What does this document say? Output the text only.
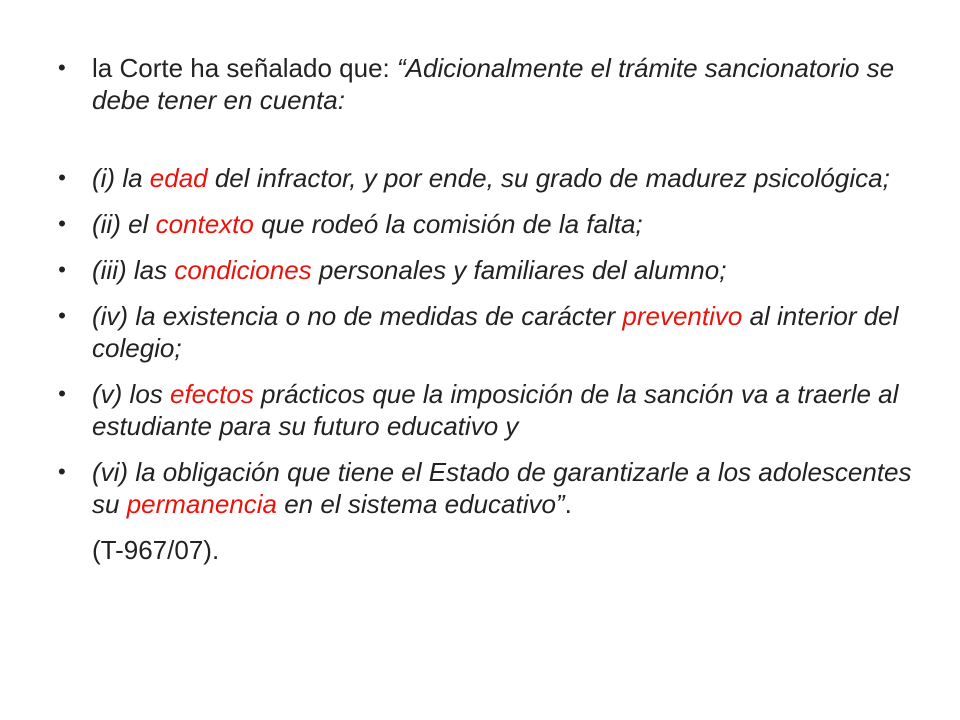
• la Corte ha señalado que: “Adicionalmente el trámite sancionatorio se debe tener en cuenta:
• (i) la edad del infractor, y por ende, su grado de madurez psicológica;
• (ii) el contexto que rodeó la comisión de la falta;
• (iii) las condiciones personales y familiares del alumno;
• (iv) la existencia o no de medidas de carácter preventivo al interior del colegio;
• (v) los efectos prácticos que la imposición de la sanción va a traerle al estudiante para su futuro educativo y
• (vi) la obligación que tiene el Estado de garantizarle a los adolescentes su permanencia en el sistema educativo”.
(T-967/07).
